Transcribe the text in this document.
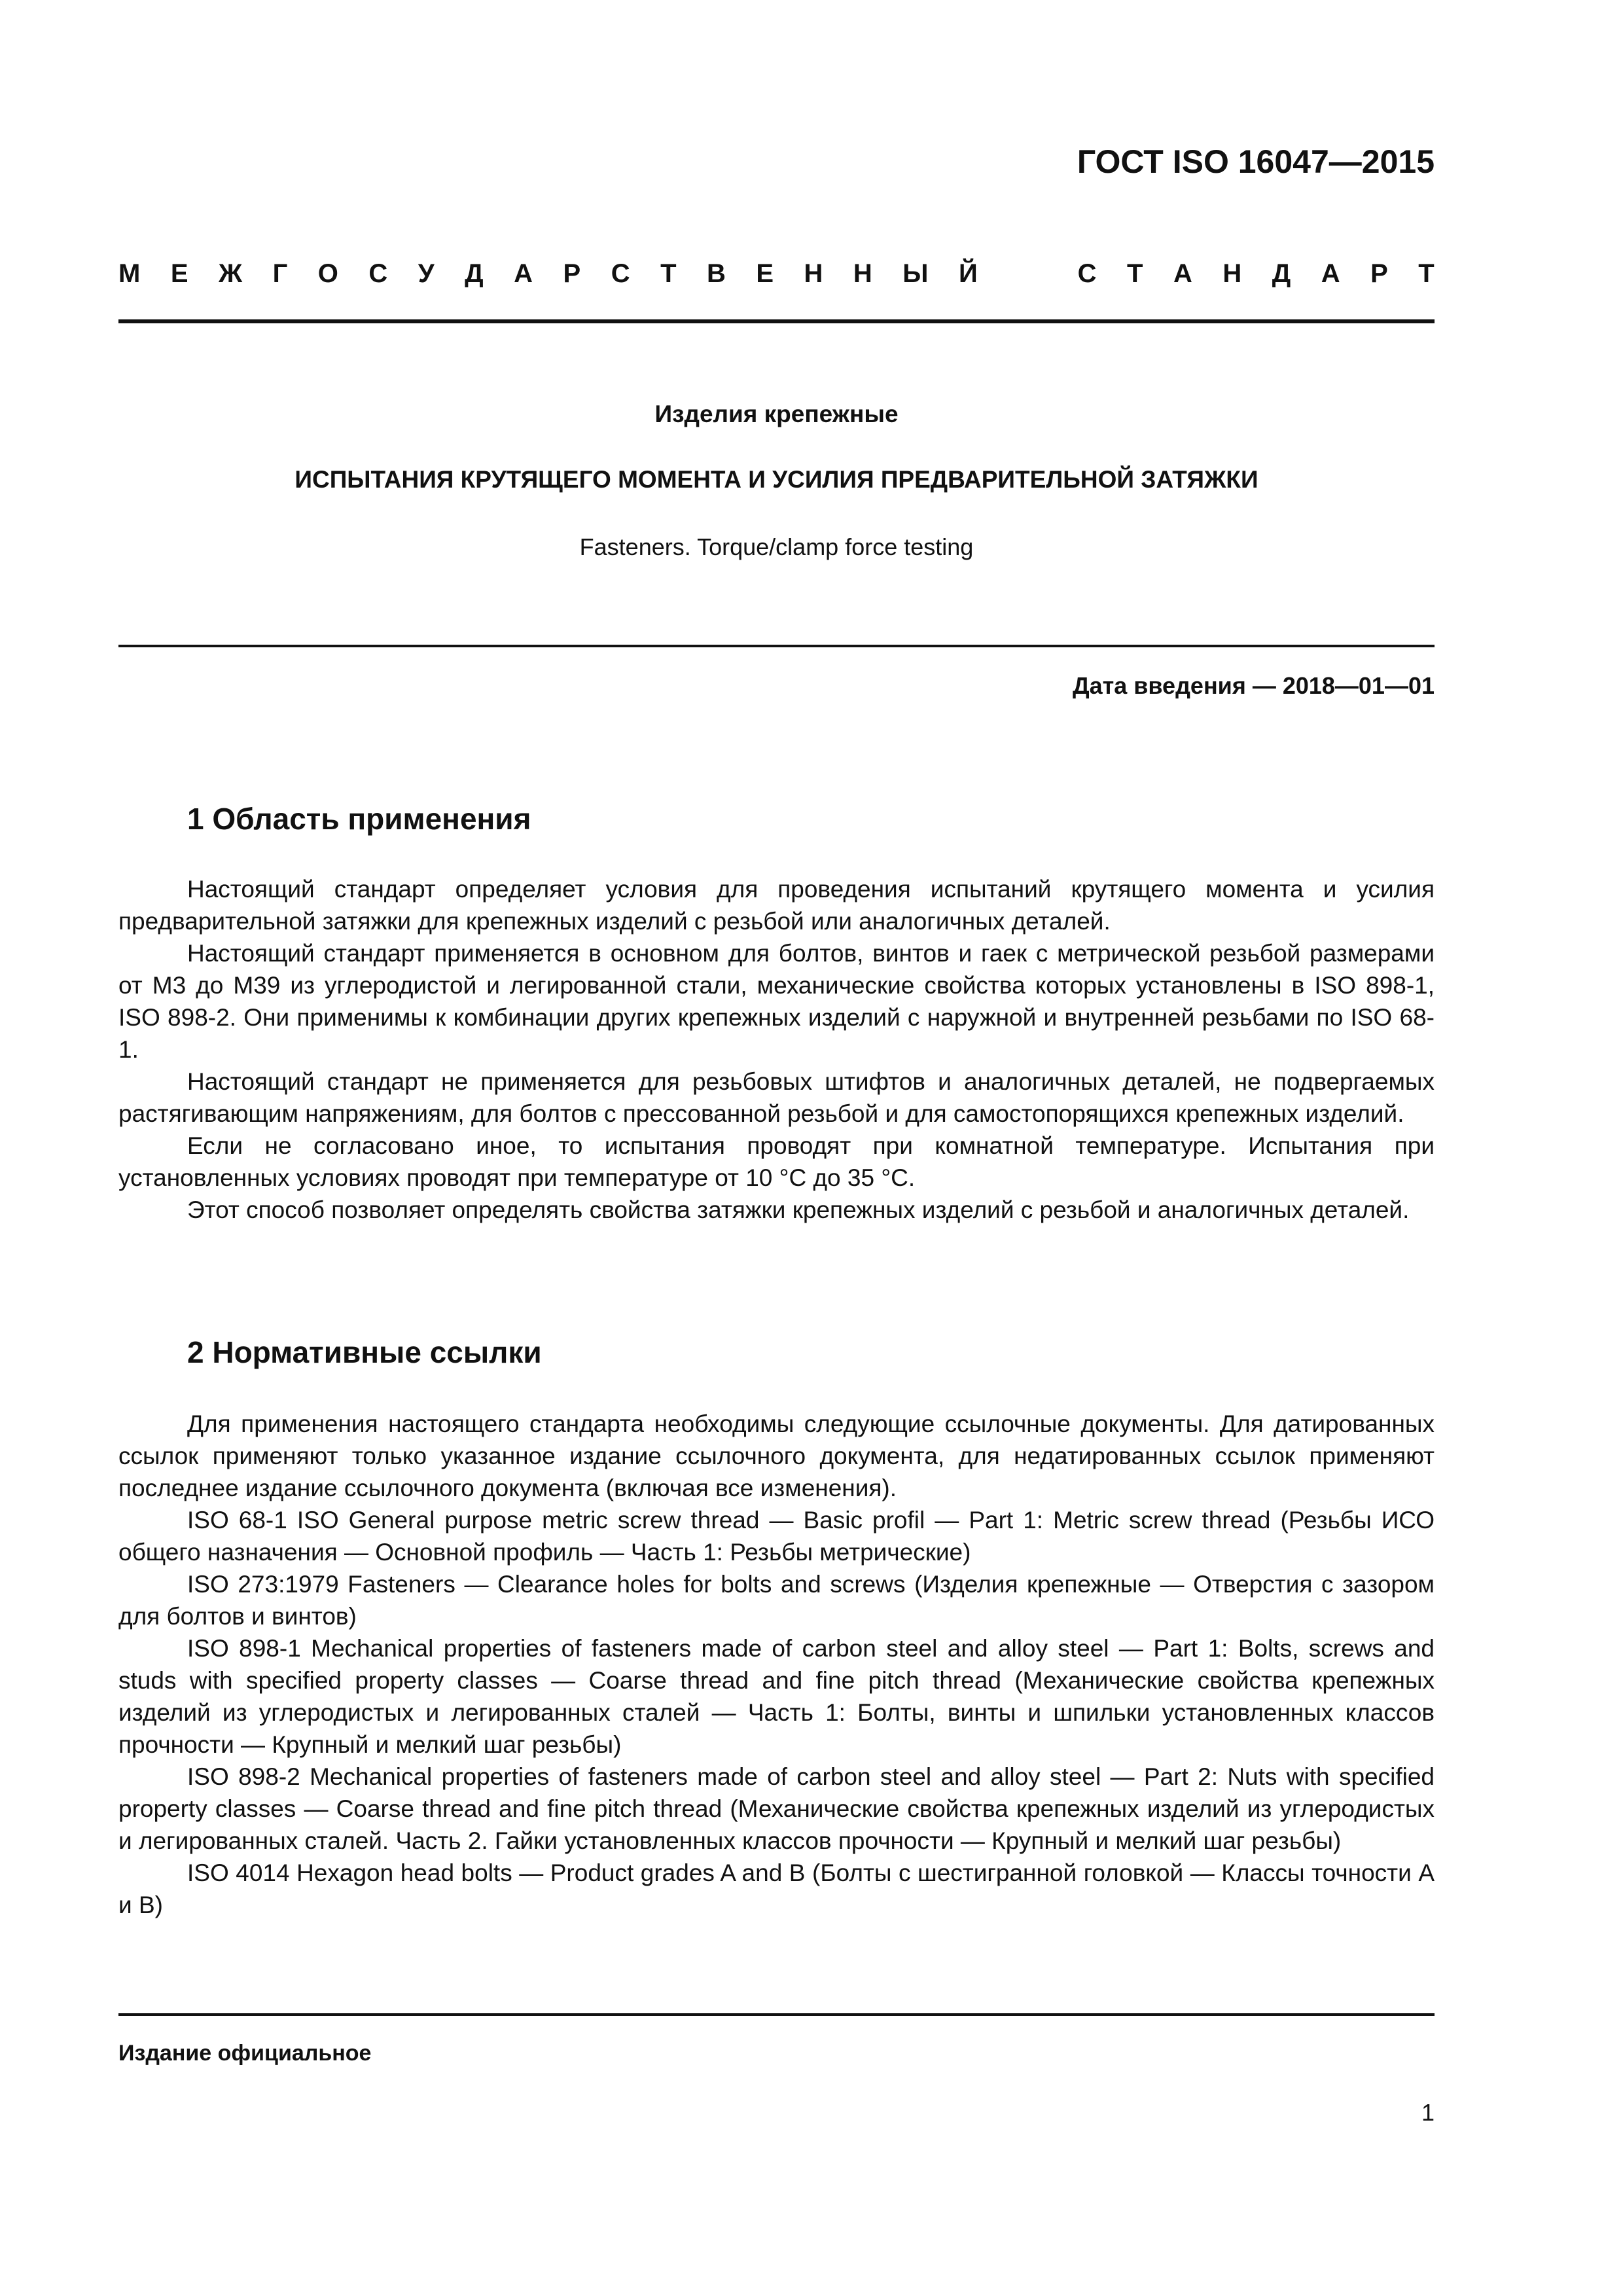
ГОСТ ISO 16047—2015
М Е Ж Г О С У Д А Р С Т В Е Н Н Ы Й	С Т А Н Д А Р Т
Изделия крепежные
ИСПЫТАНИЯ КРУТЯЩЕГО МОМЕНТА И УСИЛИЯ ПРЕДВАРИТЕЛЬНОЙ ЗАТЯЖКИ
Fasteners. Torque/clamp force testing
Дата введения — 2018—01—01
1 Область применения

Настоящий стандарт определяет условия для проведения испытаний крутящего момента и усилия предварительной затяжки для крепежных изделий с резьбой или аналогичных деталей.

Настоящий стандарт применяется в основном для болтов, винтов и гаек с метрической резьбой размерами от М3 до М39 из углеродистой и легированной стали, механические свойства которых установлены в ISO 898-1, ISO 898-2. Они применимы к комбинации других крепежных изделий с наружной и внутренней резьбами по ISO 68-1.

Настоящий стандарт не применяется для резьбовых штифтов и аналогичных деталей, не подвергаемых растягивающим напряжениям, для болтов с прессованной резьбой и для самостопорящихся крепежных изделий.

Если не согласовано иное, то испытания проводят при комнатной температуре. Испытания при установленных условиях проводят при температуре от 10 °С до 35 °С.

Этот способ позволяет определять свойства затяжки крепежных изделий с резьбой и аналогичных деталей.

2 Нормативные ссылки

Для применения настоящего стандарта необходимы следующие ссылочные документы. Для датированных ссылок применяют только указанное издание ссылочного документа, для недатированных ссылок применяют последнее издание ссылочного документа (включая все изменения).

ISO 68-1 ISO General purpose metric screw thread — Basic profil — Part 1: Metric screw thread (Резьбы ИСО общего назначения — Основной профиль — Часть 1: Резьбы метрические)

ISO 273:1979 Fasteners — Clearance holes for bolts and screws (Изделия крепежные — Отверстия с зазором для болтов и винтов)

ISO 898-1 Mechanical properties of fasteners made of carbon steel and alloy steel — Part 1: Bolts, screws and studs with specified property classes — Coarse thread and fine pitch thread (Механические свойства крепежных изделий из углеродистых и легированных сталей — Часть 1: Болты, винты и шпильки установленных классов прочности — Крупный и мелкий шаг резьбы)

ISO 898-2 Mechanical properties of fasteners made of carbon steel and alloy steel — Part 2: Nuts with specified property classes — Coarse thread and fine pitch thread (Механические свойства крепежных изделий из углеродистых и легированных сталей. Часть 2. Гайки установленных классов прочности — Крупный и мелкий шаг резьбы)

ISO 4014 Hexagon head bolts — Product grades A and B (Болты с шестигранной головкой — Классы точности А и В)

Издание официальное
1
